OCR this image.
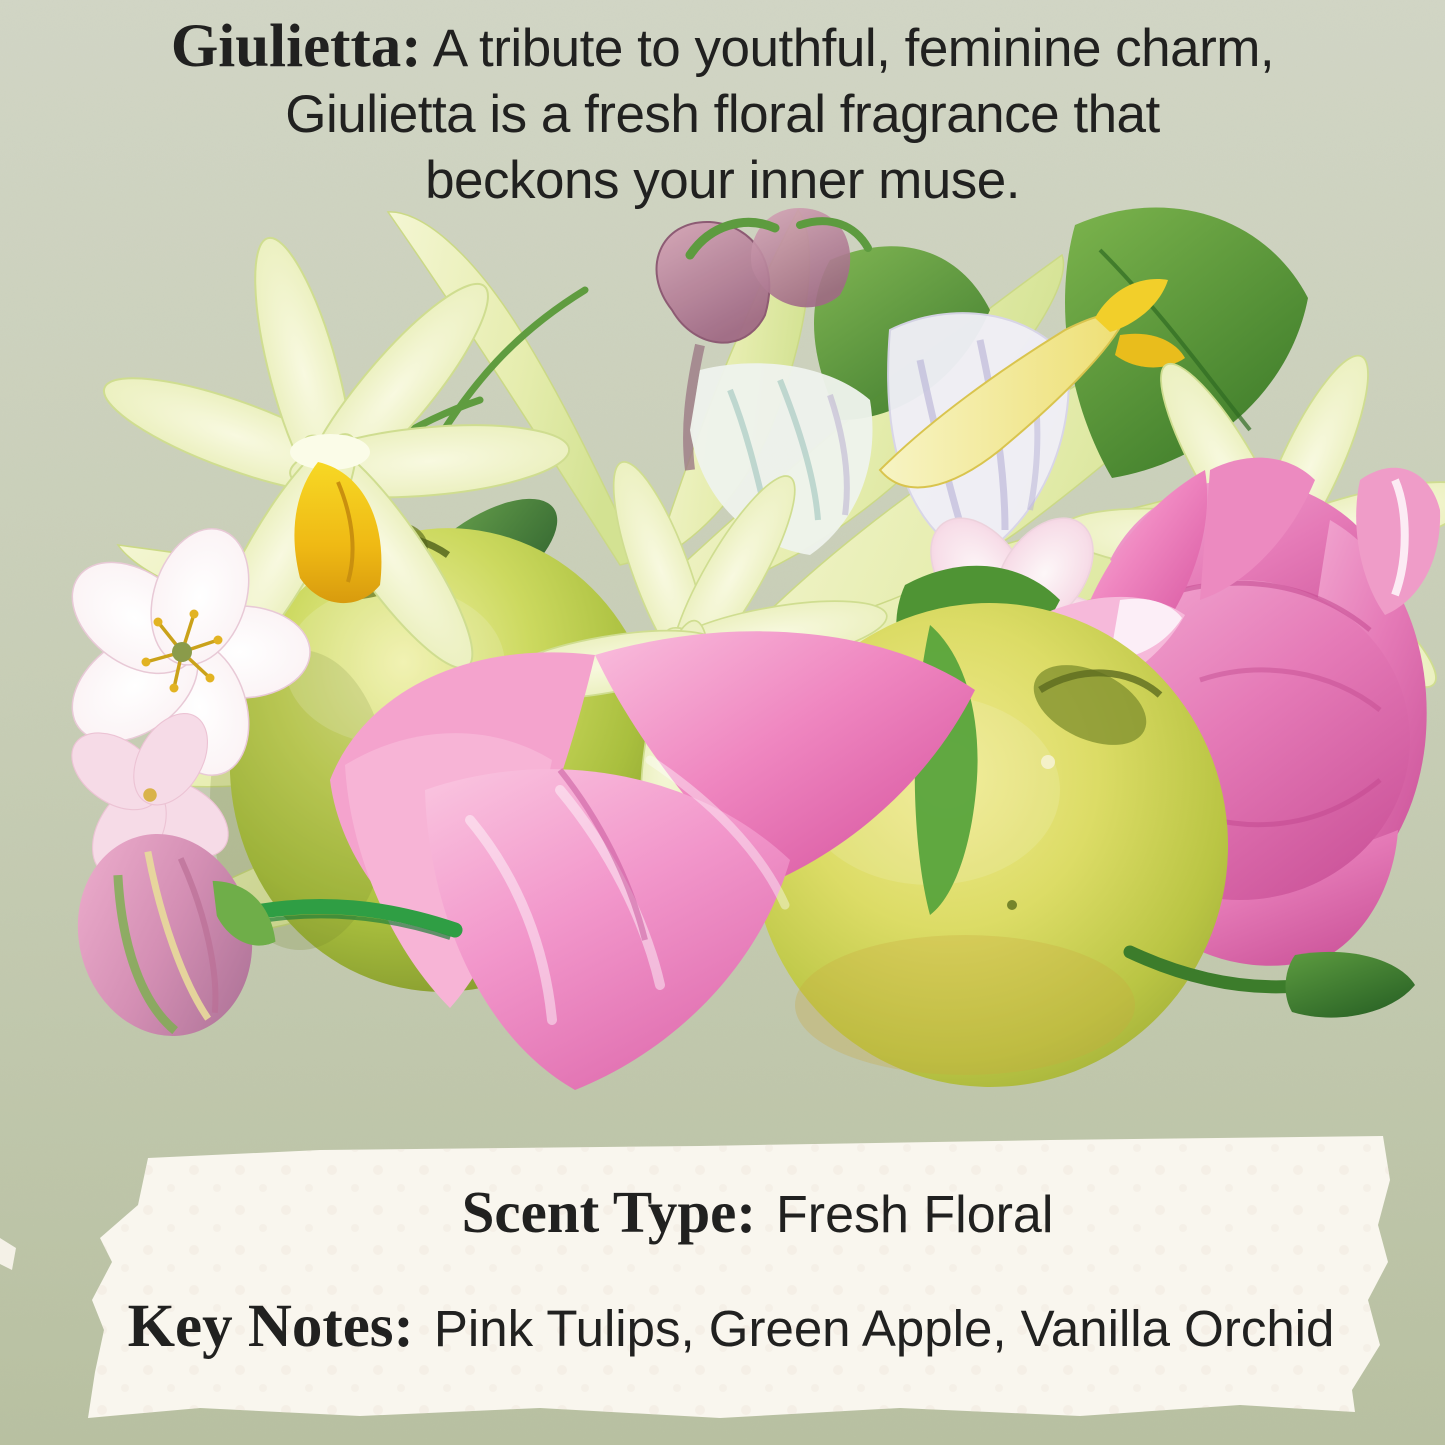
Giulietta: A tribute to youthful, feminine charm,
Giulietta is a fresh floral fragrance that
beckons your inner muse.
Scent Type: Fresh Floral
Key Notes: Pink Tulips, Green Apple, Vanilla Orchid
